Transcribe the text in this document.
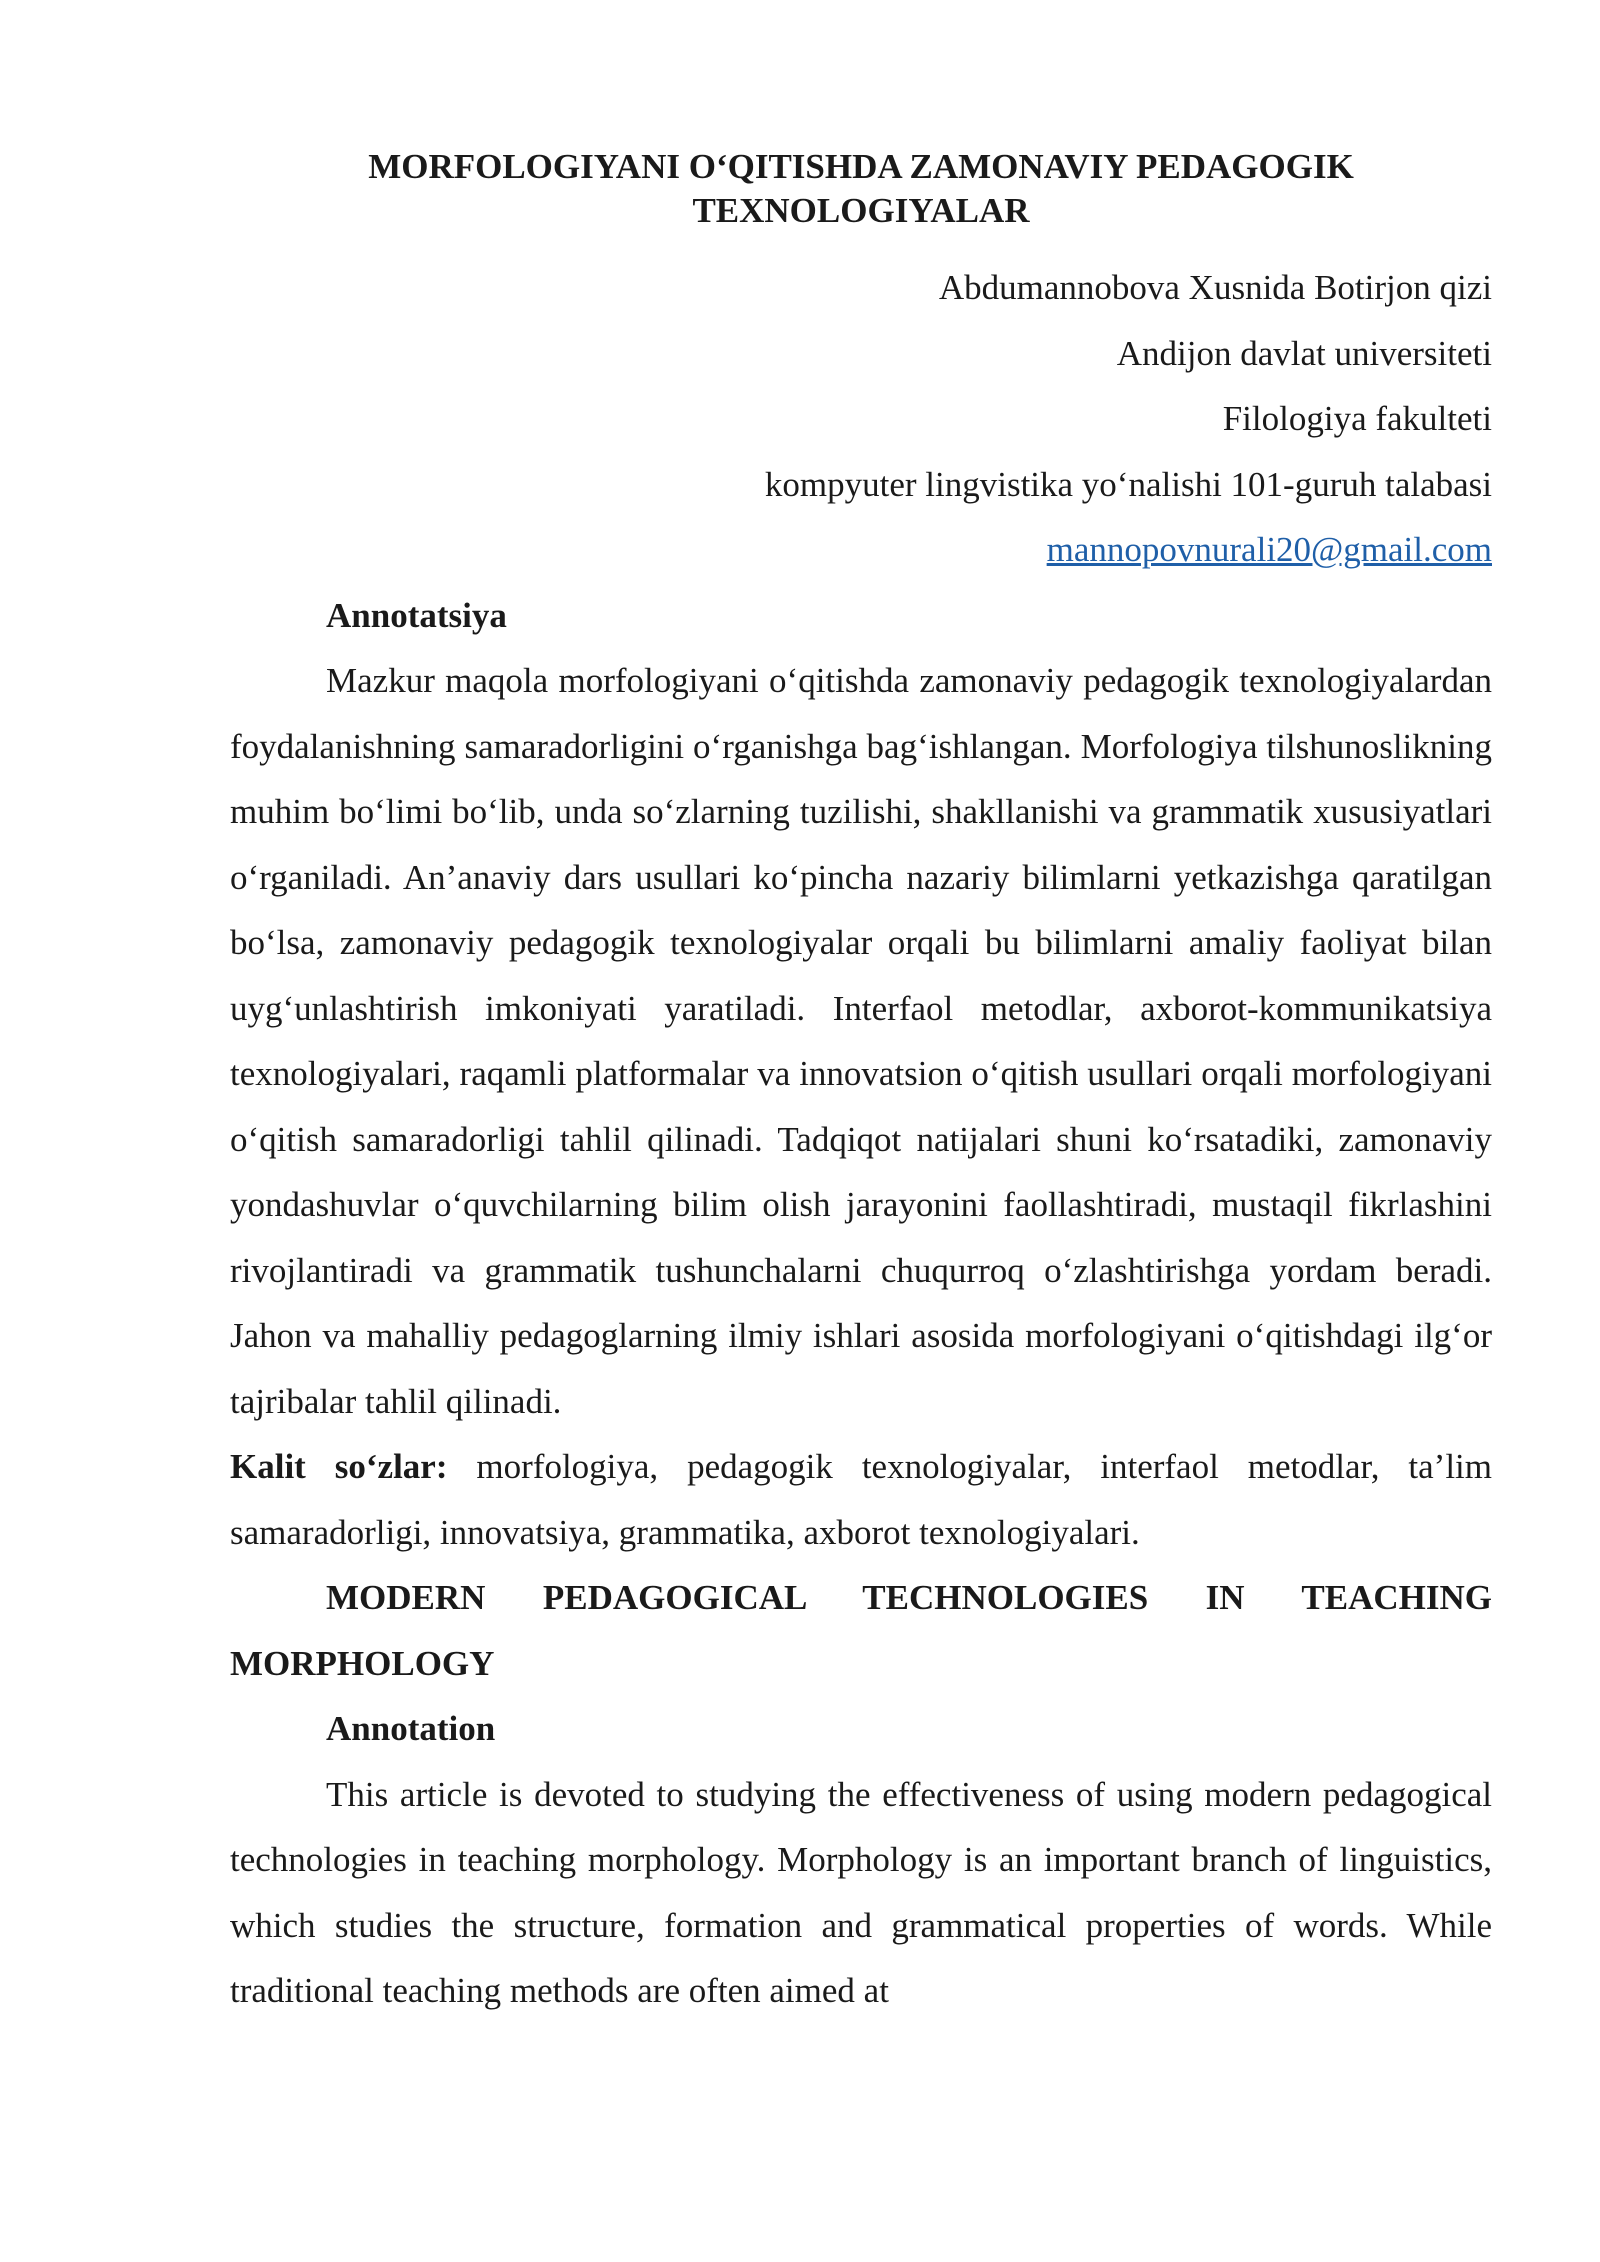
MORFOLOGIYANI O‘QITISHDA ZAMONAVIY PEDAGOGIK
TEXNOLOGIYALAR
Abdumannobova Xusnida Botirjon qizi
Andijon davlat universiteti
Filologiya fakulteti
kompyuter lingvistika yo‘nalishi 101-guruh talabasi
mannopovnurali20@gmail.com

Annotatsiya

Mazkur maqola morfologiyani o‘qitishda zamonaviy pedagogik texnologiyalardan foydalanishning samaradorligini o‘rganishga bag‘ishlangan. Morfologiya tilshunoslikning muhim bo‘limi bo‘lib, unda so‘zlarning tuzilishi, shakllanishi va grammatik xususiyatlari o‘rganiladi. An’anaviy dars usullari ko‘pincha nazariy bilimlarni yetkazishga qaratilgan bo‘lsa, zamonaviy pedagogik texnologiyalar orqali bu bilimlarni amaliy faoliyat bilan uyg‘unlashtirish imkoniyati yaratiladi. Interfaol metodlar, axborot-kommunikatsiya texnologiyalari, raqamli platformalar va innovatsion o‘qitish usullari orqali morfologiyani o‘qitish samaradorligi tahlil qilinadi. Tadqiqot natijalari shuni ko‘rsatadiki, zamonaviy yondashuvlar o‘quvchilarning bilim olish jarayonini faollashtiradi, mustaqil fikrlashini rivojlantiradi va grammatik tushunchalarni chuqurroq o‘zlashtirishga yordam beradi. Jahon va mahalliy pedagoglarning ilmiy ishlari asosida morfologiyani o‘qitishdagi ilg‘or tajribalar tahlil qilinadi.

Kalit so‘zlar: morfologiya, pedagogik texnologiyalar, interfaol metodlar, ta’lim samaradorligi, innovatsiya, grammatika, axborot texnologiyalari.

MODERN PEDAGOGICAL TECHNOLOGIES IN TEACHING MORPHOLOGY

Annotation

This article is devoted to studying the effectiveness of using modern pedagogical technologies in teaching morphology. Morphology is an important branch of linguistics, which studies the structure, formation and grammatical properties of words. While traditional teaching methods are often aimed at
